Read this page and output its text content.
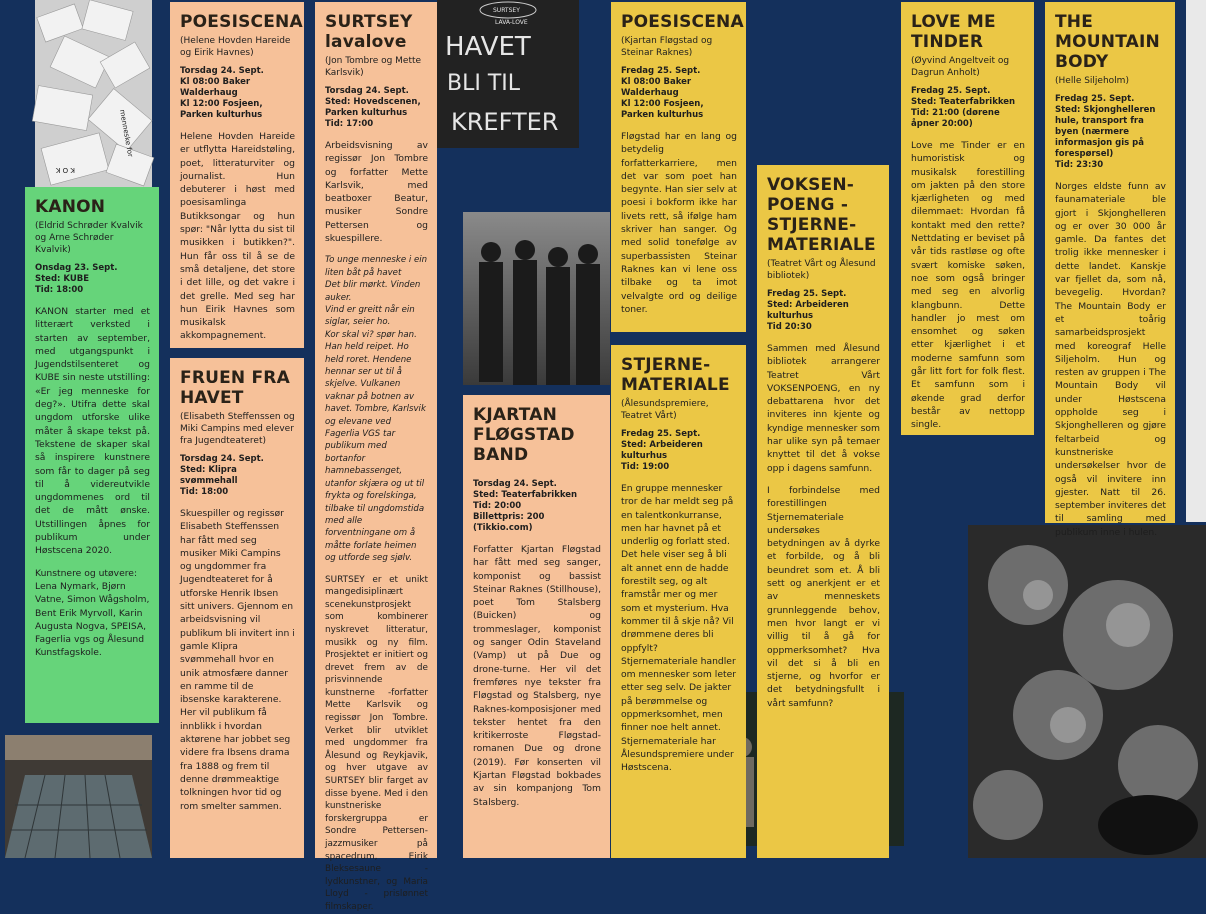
menneske for
K O K
SURTSEY
LAVA-LOVE
HAVET
BLI TIL
KREFTER
KANON
(Eldrid Schrøder Kvalvik og Arne Schrøder Kvalvik)
Onsdag 23. Sept.
Sted: KUBE
Tid: 18:00

KANON starter med et litterært verksted i starten av september, med utgangspunkt i Jugendstilsenteret og KUBE sin neste utstilling: «Er jeg menneske for deg?». Utifra dette skal ungdom utforske ulike måter å skape tekst på. Tekstene de skaper skal så inspirere kunstnere som får to dager på seg til å videreutvikle ungdommenes ord til det de mått ønske. Utstillingen åpnes for publikum under Høstscena 2020.

Kunstnere og utøvere: Lena Nymark, Bjørn Vatne, Simon Wågsholm, Bent Erik Myrvoll, Karin Augusta Nogva, SPEISA, Fagerlia vgs og Ålesund Kunstfagskole.

POESISCENA
(Helene Hovden Hareide og Eirik Havnes)
Torsdag 24. Sept.
Kl 08:00 Baker Walderhaug
Kl 12:00 Fosjeen, Parken kulturhus

Helene Hovden Hareide er utflytta Hareidstøling, poet, litteraturviter og journalist. Hun debuterer i høst med poesisamlinga Butikksongar og hun spør: "Når lytta du sist til musikken i butikken?". Hun får oss til å se de små detaljene, det store i det lille, og det vakre i det grelle. Med seg har hun Eirik Havnes som musikalsk akkompagnement.

FRUEN FRA HAVET
(Elisabeth Steffenssen og Miki Campins med elever fra Jugendteateret)
Torsdag 24. Sept.
Sted: Klipra svømmehall
Tid: 18:00

Skuespiller og regissør Elisabeth Steffenssen har fått med seg musiker Miki Campins og ungdommer fra Jugendteateret for å utforske Henrik Ibsen sitt univers. Gjennom en arbeidsvisning vil publikum bli invitert inn i gamle Klipra svømmehall hvor en unik atmosfære danner en ramme til de ibsenske karakterene. Her vil publikum få innblikk i hvordan aktørene har jobbet seg videre fra Ibsens drama fra 1888 og frem til denne drømmeaktige tolkningen hvor tid og rom smelter sammen.

SURTSEY lavalove
(Jon Tombre og Mette Karlsvik)
Torsdag 24. Sept.
Sted: Hovedscenen, Parken kulturhus
Tid: 17:00

Arbeidsvisning av regissør Jon Tombre og forfatter Mette Karlsvik, med beatboxer Beatur, musiker Sondre Pettersen og skuespillere.

To unge menneske i ein liten båt på havet
Det blir mørkt. Vinden auker.
Vind er greitt når ein siglar, seier ho.
Kor skal vi? spør han. Han held reipet. Ho held roret. Hendene hennar ser ut til å skjelve. Vulkanen vaknar på botnen av havet. Tombre, Karlsvik og elevane ved Fagerlia VGS tar publikum med bortanfor hamnebassenget, utanfor skjæra og ut til frykta og forelskinga, tilbake til ungdomstida med alle forventningane om å måtte forlate heimen og utforde seg sjølv.

SURTSEY er et unikt mangedisiplinært scenekunstprosjekt som kombinerer nyskrevet litteratur, musikk og ny film. Prosjektet er initiert og drevet frem av de prisvinnende kunstnerne -forfatter Mette Karlsvik og regissør Jon Tombre. Verket blir utviklet med ungdommer fra Ålesund og Reykjavik, og hver utgave av SURTSEY blir farget av disse byene. Med i den kunstneriske forskergruppa er Sondre Pettersen-jazzmusiker på spacedrum, Eirik Bleksesaune - lydkunstner, og Maria Lloyd - prislønnet filmskaper.

KJARTAN FLØGSTAD BAND
Torsdag 24. Sept.
Sted: Teaterfabrikken
Tid: 20:00
Billettpris: 200 (Tikkio.com)

Forfatter Kjartan Fløgstad har fått med seg sanger, komponist og bassist Steinar Raknes (Stillhouse), poet Tom Stalsberg (Buicken) og trommeslager, komponist og sanger Odin Staveland (Vamp) ut på Due og drone-turne. Her vil det fremføres nye tekster fra Fløgstad og Stalsberg, nye Raknes-komposisjoner med tekster hentet fra den kritikerroste Fløgstad-romanen Due og drone (2019). Før konserten vil Kjartan Fløgstad bokbades av sin kompanjong Tom Stalsberg.

POESISCENA
(Kjartan Fløgstad og Steinar Raknes)
Fredag 25. Sept.
Kl 08:00 Baker Walderhaug
Kl 12:00 Fosjeen, Parken kulturhus

Fløgstad har en lang og betydelig forfatterkarriere, men det var som poet han begynte. Han sier selv at poesi i bokform ikke har livets rett, så ifølge ham skriver han sanger. Og med solid tonefølge av superbassisten Steinar Raknes kan vi lene oss tilbake og ta imot velvalgte ord og deilige toner.

STJERNE-MATERIALE
(Ålesundspremiere, Teatret Vårt)
Fredag 25. Sept.
Sted: Arbeideren kulturhus
Tid: 19:00

En gruppe mennesker tror de har meldt seg på en talentkonkurranse, men har havnet på et underlig og forlatt sted. Det hele viser seg å bli alt annet enn de hadde forestilt seg, og alt framstår mer og mer som et mysterium. Hva kommer til å skje nå? Vil drømmene deres bli oppfylt? Stjernemateriale handler om mennesker som leter etter seg selv. De jakter på berømmelse og oppmerksomhet, men finner noe helt annet. Stjernemateriale har Ålesundspremiere under Høstscena.

VOKSEN-POENG - STJERNE-MATERIALE
(Teatret Vårt og Ålesund bibliotek)
Fredag 25. Sept.
Sted: Arbeideren kulturhus
Tid 20:30

Sammen med Ålesund bibliotek arrangerer Teatret Vårt VOKSENPOENG, en ny debattarena hvor det inviteres inn kjente og kyndige mennesker som har ulike syn på temaer knyttet til det å vokse opp i dagens samfunn.

I forbindelse med forestillingen Stjernemateriale undersøkes betydningen av å dyrke et forbilde, og å bli beundret som et. Å bli sett og anerkjent er et av menneskets grunnleggende behov, men hvor langt er vi villig til å gå for oppmerksomhet? Hva vil det si å bli en stjerne, og hvorfor er det betydningsfullt i vårt samfunn?

LOVE ME TINDER
(Øyvind Angeltveit og Dagrun Anholt)
Fredag 25. Sept.
Sted: Teaterfabrikken
Tid: 21:00 (dørene åpner 20:00)

Love me Tinder er en humoristisk og musikalsk forestilling om jakten på den store kjærligheten og med dilemmaet: Hvordan få kontakt med den rette? Nettdating er beviset på vår tids rastløse og ofte svært komiske søken, noe som også bringer med seg en alvorlig klangbunn. Dette handler jo mest om ensomhet og søken etter kjærlighet i et moderne samfunn som går litt fort for folk flest. Et samfunn som i økende grad derfor består av nettopp single.

THE MOUNTAIN BODY
(Helle Siljeholm)
Fredag 25. Sept.
Sted: Skjonghelleren hule, transport fra byen (nærmere informasjon gis på forespørsel)
Tid: 23:30

Norges eldste funn av faunamateriale ble gjort i Skjonghelleren og er over 30 000 år gamle. Da fantes det trolig ikke mennesker i dette landet. Kanskje var fjellet da, som nå, bevegelig. Hvordan? The Mountain Body er et toårig samarbeidsprosjekt med koreograf Helle Siljeholm. Hun og resten av gruppen i The Mountain Body vil under Høstscena oppholde seg i Skjonghelleren og gjøre feltarbeid og kunstneriske undersøkelser hvor de også vil invitere inn gjester. Natt til 26. september inviteres det til samling med publikum inne i hulen.
